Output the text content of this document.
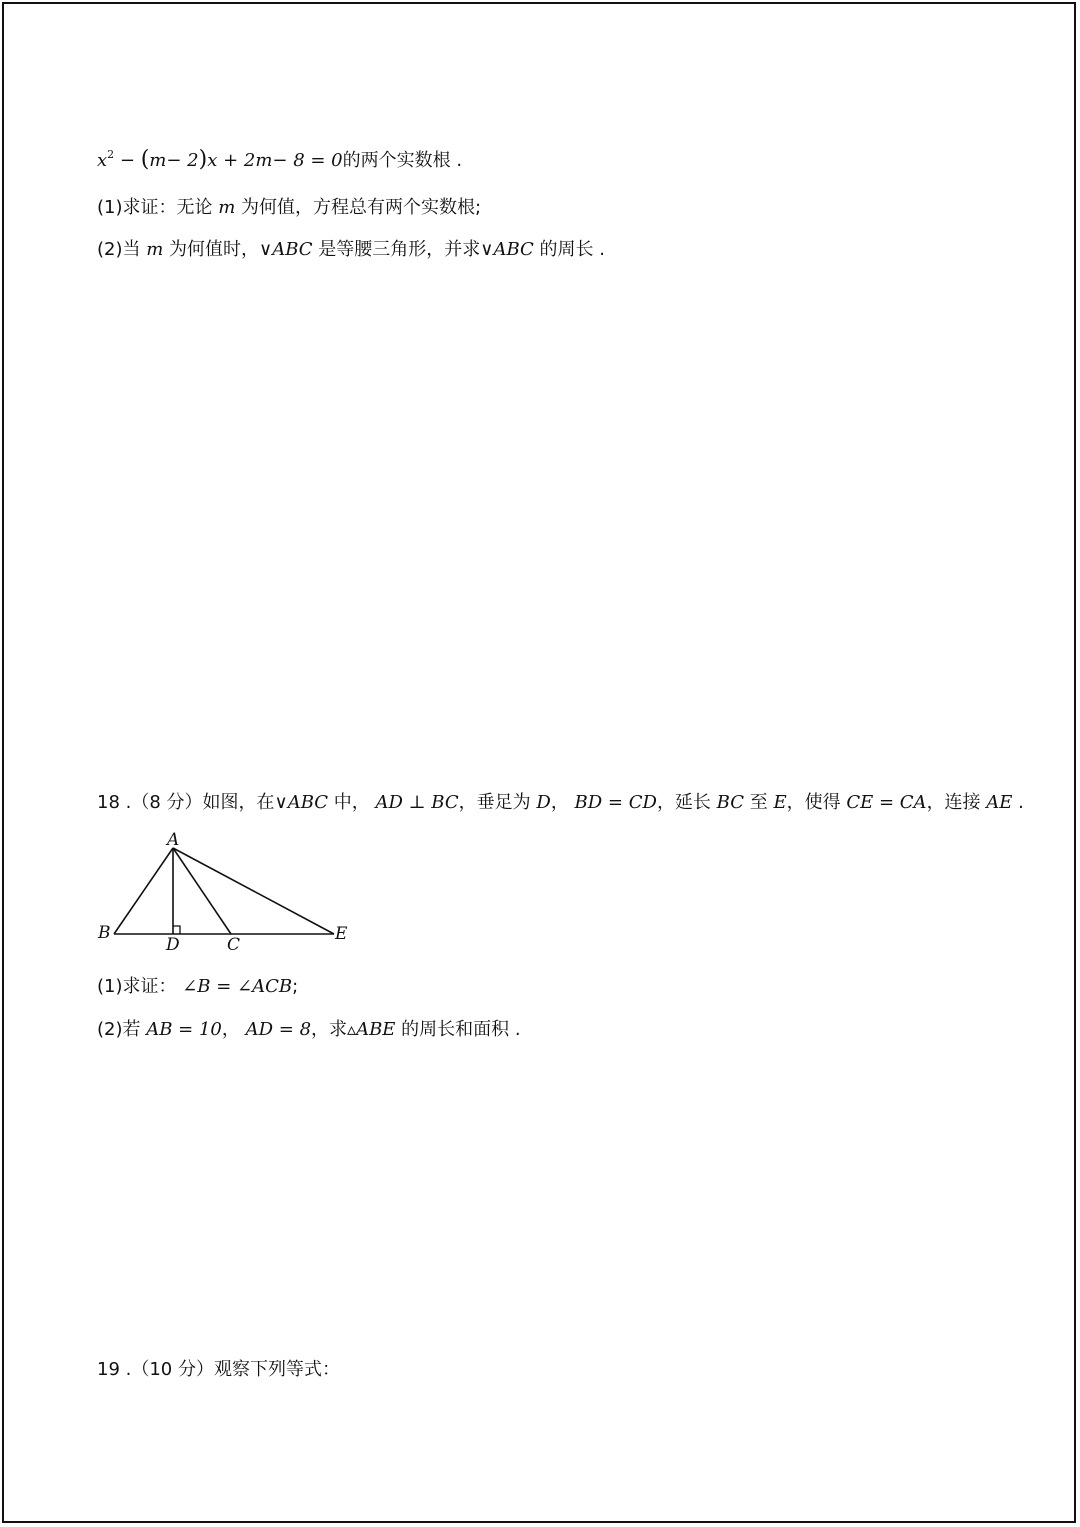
$x^2 - (m- 2)x + 2m- 8 = 0$的两个实数根 .
(1)求证：无论 m 为何值，方程总有两个实数根;
(2)当 m 为何值时，∨ABC 是等腰三角形，并求∨ABC 的周长 .
18 .（8 分）如图，在∨ABC 中， AD ⊥ BC，垂足为 D， BD = CD，延长 BC 至 E，使得 CE = CA，连接 AE .
A
B
D	C
E
(1)求证： ∠B = ∠ACB;
(2)若 AB = 10， AD = 8，求▵ABE 的周长和面积 .
19 .（10 分）观察下列等式：
